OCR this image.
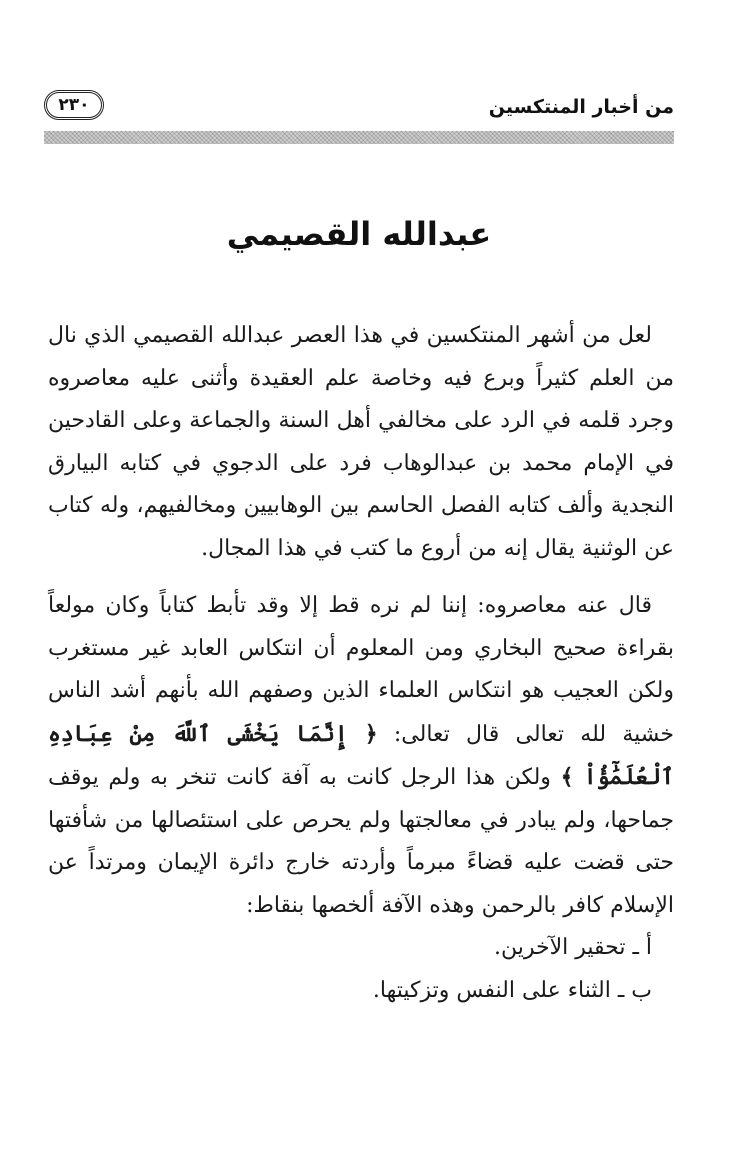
من أخبار المنتكسين
٢٣٠
عبدالله القصيمي

لعل من أشهر المنتكسين في هذا العصر عبدالله القصيمي الذي نال من العلم كثيراً وبرع فيه وخاصة علم العقيدة وأثنى عليه معاصروه وجرد قلمه في الرد على مخالفي أهل السنة والجماعة وعلى القادحين في الإمام محمد بن عبدالوهاب فرد على الدجوي في كتابه البيارق النجدية وألف كتابه الفصل الحاسم بين الوهابيين ومخالفيهم، وله كتاب عن الوثنية يقال إنه من أروع ما كتب في هذا المجال.

قال عنه معاصروه: إننا لم نره قط إلا وقد تأبط كتاباً وكان مولعاً بقراءة صحيح البخاري ومن المعلوم أن انتكاس العابد غير مستغرب ولكن العجيب هو انتكاس العلماء الذين وصفهم الله بأنهم أشد الناس خشية لله تعالى قال تعالى: ﴿ إِنَّمَا يَخْشَى ٱللَّهَ مِنْ عِبَادِهِ ٱلْعُلَمَٰٓؤُاْ ﴾ ولكن هذا الرجل كانت به آفة كانت تنخر به ولم يوقف جماحها، ولم يبادر في معالجتها ولم يحرص على استئصالها من شأفتها حتى قضت عليه قضاءً مبرماً وأردته خارج دائرة الإيمان ومرتداً عن الإسلام كافر بالرحمن وهذه الآفة ألخصها بنقاط:

أ ـ تحقير الآخرين.

ب ـ الثناء على النفس وتزكيتها.
